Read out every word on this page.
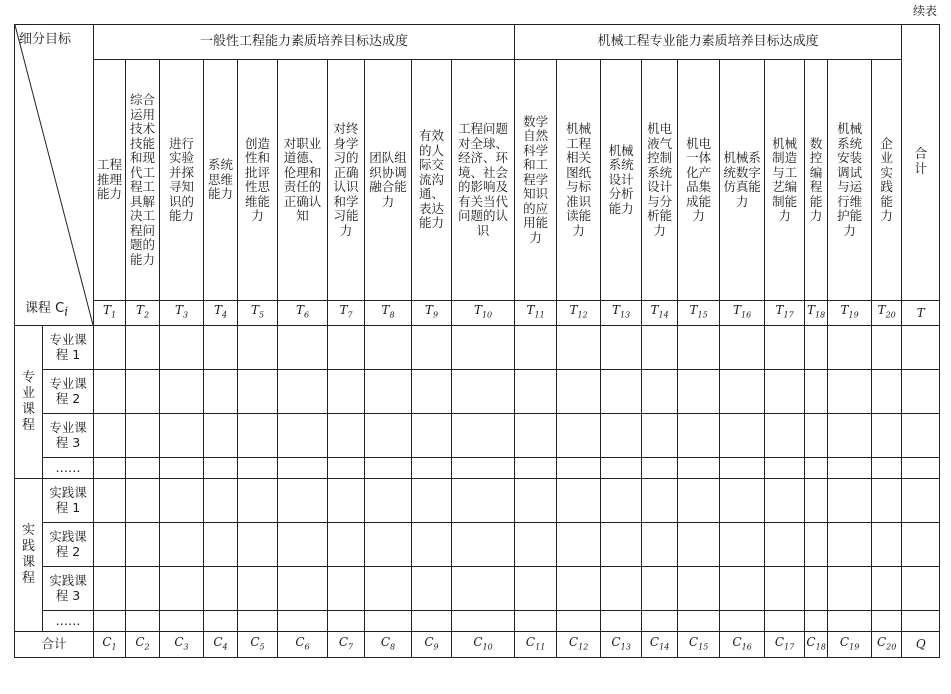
续表
细分目标
课程 $C_i$		一般性工程能力素质培养目标达成度										机械工程专业能力素质培养目标达成度										合计
		工程推理能力	综合运用技术技能和现代工程工具解决工程问题的能力	进行实验并探寻知识的能力	系统思维能力	创造性和批评性思维能力	对职业道德、伦理和责任的正确认知	对终身学习的正确认识和学习能力	团队组织协调融合能力	有效的人际交流沟通、表达能力	工程问题对全球、经济、环境、社会的影响及有关当代问题的认识	数学自然科学和工程学知识的应用能力	机械工程相关图纸与标准识读能力	机械系统设计分析能力	机电液气控制系统设计与分析能力	机电一体化产品集成能力	机械系统数字仿真能力	机械制造与工艺编制能力	数控编程能力	机械系统安装调试与运行维护能力	企业实践能力	
		$T_1$	$T_2$	$T_3$	$T_4$	$T_5$	$T_6$	$T_7$	$T_8$	$T_9$	$T_{10}$	$T_{11}$	$T_{12}$	$T_{13}$	$T_{14}$	$T_{15}$	$T_{16}$	$T_{17}$	$T_{18}$	$T_{19}$	$T_{20}$	T
专业课程	专业课程 1																					
	专业课程 2																					
	专业课程 3																					
	……																					
实践课程	实践课程 1																					
	实践课程 2																					
	实践课程 3																					
	……																					
合计		$C_1$	$C_2$	$C_3$	$C_4$	$C_5$	$C_6$	$C_7$	$C_8$	$C_9$	$C_{10}$	$C_{11}$	$C_{12}$	$C_{13}$	$C_{14}$	$C_{15}$	$C_{16}$	$C_{17}$	$C_{18}$	$C_{19}$	$C_{20}$	Q
